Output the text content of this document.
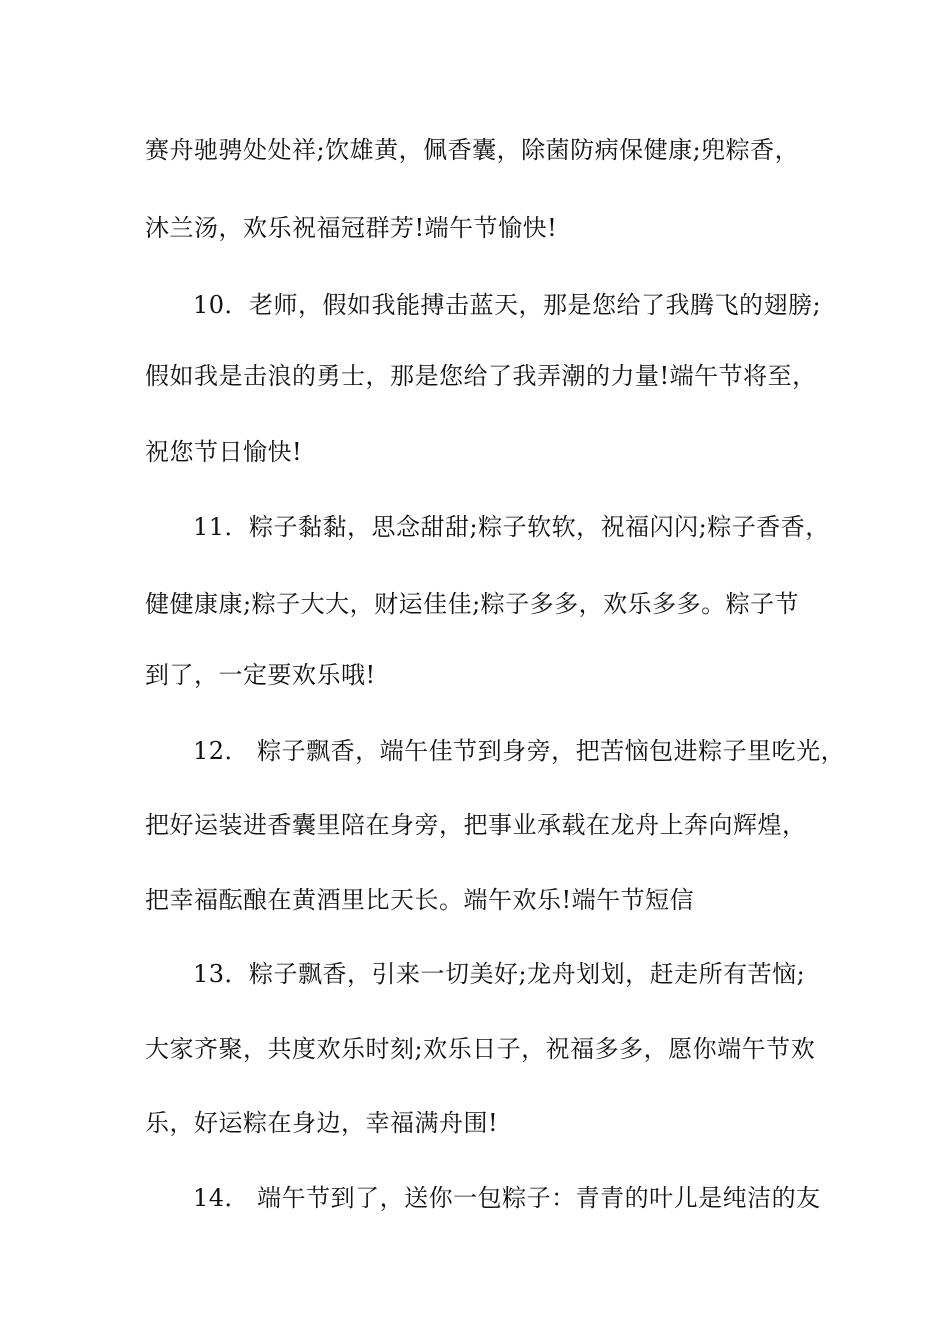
赛舟驰骋处处祥;饮雄黄，佩香囊，除菌防病保健康;兜粽香，
沐兰汤，欢乐祝福冠群芳!端午节愉快!
10．老师，假如我能搏击蓝天，那是您给了我腾飞的翅膀;
假如我是击浪的勇士，那是您给了我弄潮的力量!端午节将至，
祝您节日愉快!
11．粽子黏黏，思念甜甜;粽子软软，祝福闪闪;粽子香香，
健健康康;粽子大大，财运佳佳;粽子多多，欢乐多多。粽子节
到了，一定要欢乐哦!
12． 粽子飘香，端午佳节到身旁，把苦恼包进粽子里吃光，
把好运装进香囊里陪在身旁，把事业承载在龙舟上奔向辉煌，
把幸福酝酿在黄酒里比天长。端午欢乐!端午节短信
13．粽子飘香，引来一切美好;龙舟划划，赶走所有苦恼;
大家齐聚，共度欢乐时刻;欢乐日子，祝福多多，愿你端午节欢
乐，好运粽在身边，幸福满舟围!
14． 端午节到了，送你一包粽子：青青的叶儿是纯洁的友
